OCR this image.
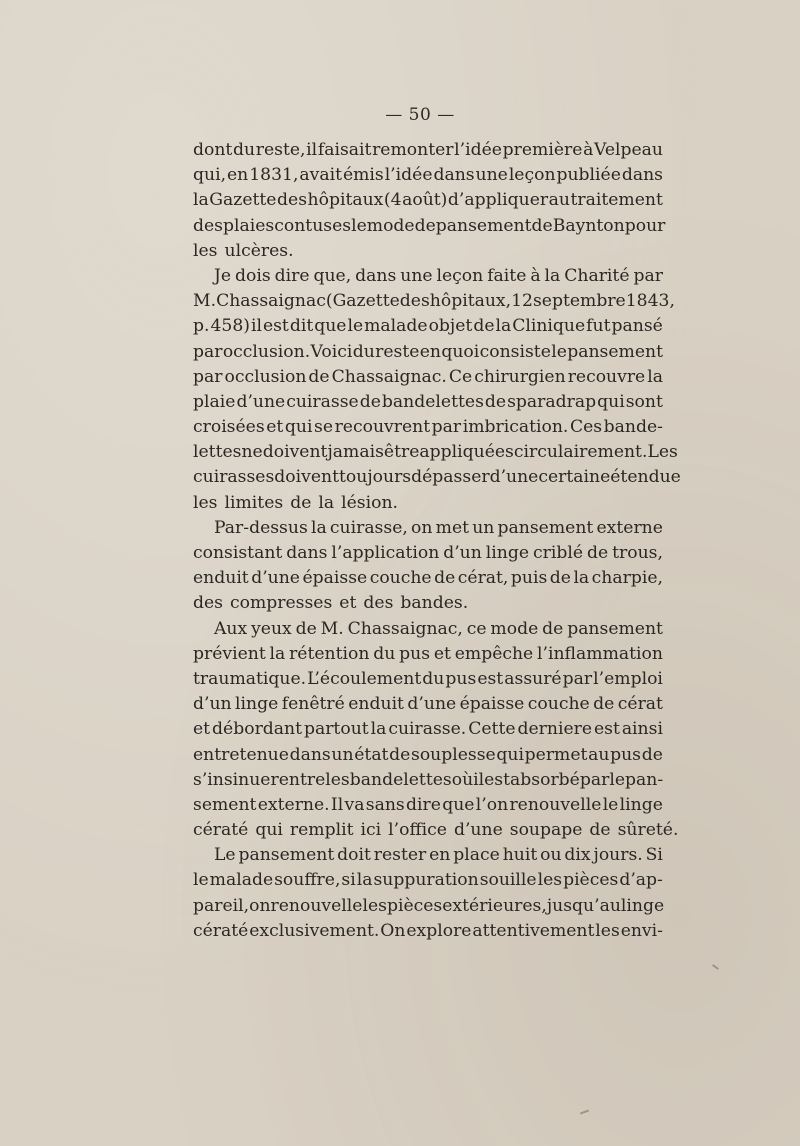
— 50 —
dont du reste, il faisait remonter l’idée première à Velpeau
qui, en 1831, avait émis l’idée dans une leçon publiée dans
la Gazette des hôpitaux (4 août) d’appliquer au traitement
des plaies contuses le mode de pansement de Baynton pour
les ulcères.
Je dois dire que, dans une leçon faite à la Charité par
M. Chassaignac (Gazette des hôpitaux, 12 septembre 1843,
p. 458) il est dit que le malade objet de la Clinique fut pansé
par occlusion. Voici du reste en quoi consiste le pansement
par occlusion de Chassaignac. Ce chirurgien recouvre la
plaie d’une cuirasse de bandelettes de sparadrap qui sont
croisées et qui se recouvrent par imbrication. Ces bande-
lettes ne doivent jamais être appliquées circulairement. Les
cuirasses doivent toujours dépasser d’une certaine étendue
les limites de la lésion.
Par-dessus la cuirasse, on met un pansement externe
consistant dans l’application d’un linge criblé de trous,
enduit d’une épaisse couche de cérat, puis de la charpie,
des compresses et des bandes.
Aux yeux de M. Chassaignac, ce mode de pansement
prévient la rétention du pus et empêche l’inflammation
traumatique. L’écoulement du pus est assuré par l’emploi
d’un linge fenêtré enduit d’une épaisse couche de cérat
et débordant partout la cuirasse. Cette derniere est ainsi
entretenue dans un état de souplesse qui permet au pus de
s’insinuer entre les bandelettes où il est absorbé par le pan-
sement externe. Il va sans dire que l’on renouvelle le linge
cératé qui remplit ici l’office d’une soupape de sûreté.
Le pansement doit rester en place huit ou dix jours. Si
le malade souffre, si la suppuration souille les pièces d’ap-
pareil, on renouvelle les pièces extérieures, jusqu’au linge
cératé exclusivement. On explore attentivement les envi-
